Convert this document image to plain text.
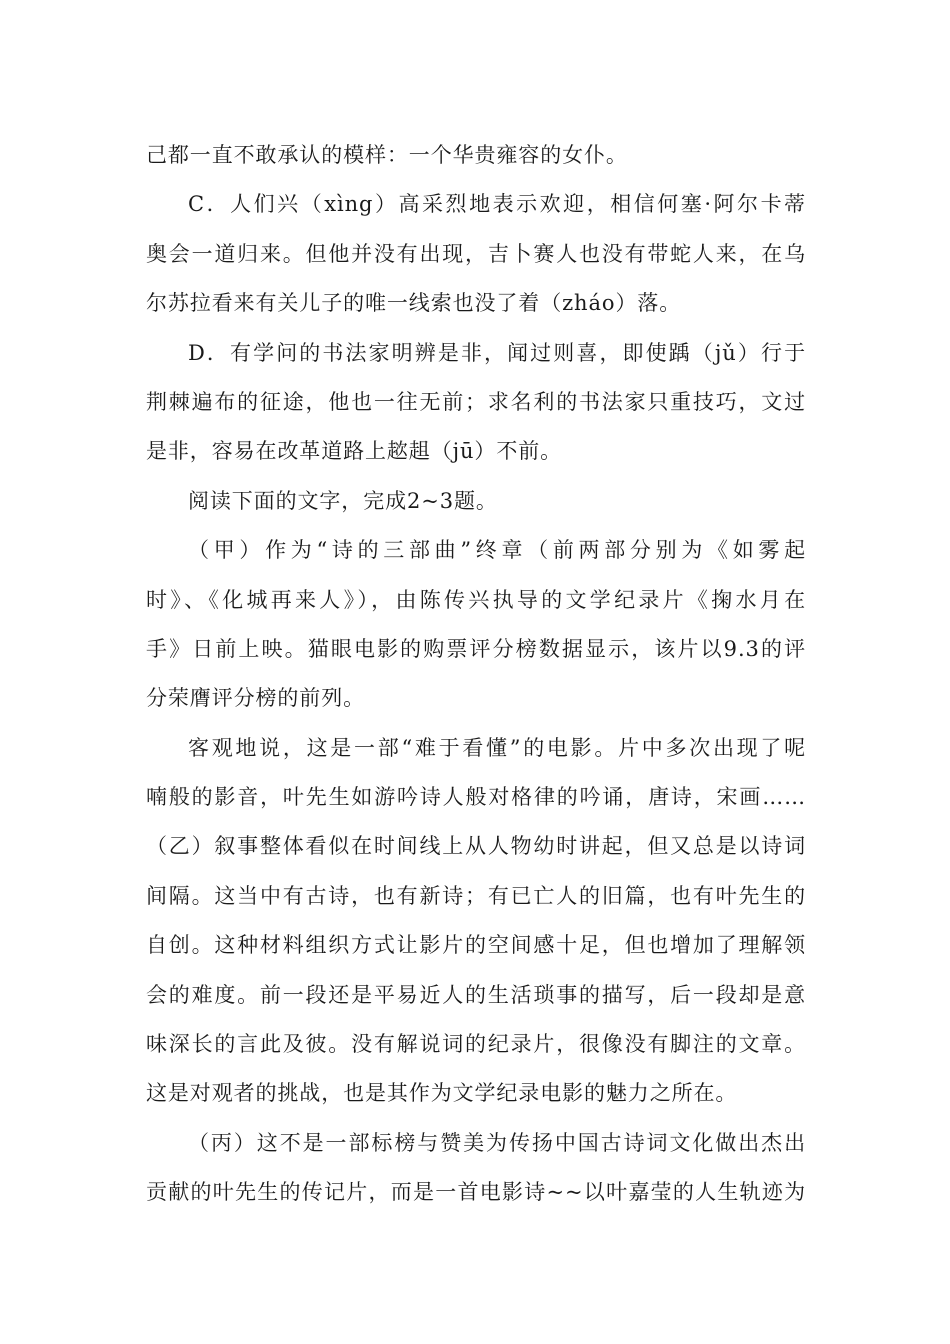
己都一直不敢承认的模样：一个华贵雍容的女仆。
C．人们兴（xìng）高采烈地表示欢迎，相信何塞·阿尔卡蒂
奥会一道归来。但他并没有出现，吉卜赛人也没有带蛇人来，在乌
尔苏拉看来有关儿子的唯一线索也没了着（zháo）落。
D．有学问的书法家明辨是非，闻过则喜，即使踽（jǔ）行于
荆棘遍布的征途，他也一往无前；求名利的书法家只重技巧，文过
是非，容易在改革道路上趑趄（jū）不前。
阅读下面的文字，完成2~3题。
（甲）作为“诗的三部曲”终章（前两部分别为《如雾起
时》、《化城再来人》），由陈传兴执导的文学纪录片《掬水月在
手》日前上映。猫眼电影的购票评分榜数据显示，该片以9.3的评
分荣膺评分榜的前列。
客观地说，这是一部“难于看懂”的电影。片中多次出现了呢
喃般的影音，叶先生如游吟诗人般对格律的吟诵，唐诗，宋画……
（乙）叙事整体看似在时间线上从人物幼时讲起，但又总是以诗词
间隔。这当中有古诗，也有新诗；有已亡人的旧篇，也有叶先生的
自创。这种材料组织方式让影片的空间感十足，但也增加了理解领
会的难度。前一段还是平易近人的生活琐事的描写，后一段却是意
味深长的言此及彼。没有解说词的纪录片，很像没有脚注的文章。
这是对观者的挑战，也是其作为文学纪录电影的魅力之所在。
（丙）这不是一部标榜与赞美为传扬中国古诗词文化做出杰出
贡献的叶先生的传记片，而是一首电影诗~~以叶嘉莹的人生轨迹为
